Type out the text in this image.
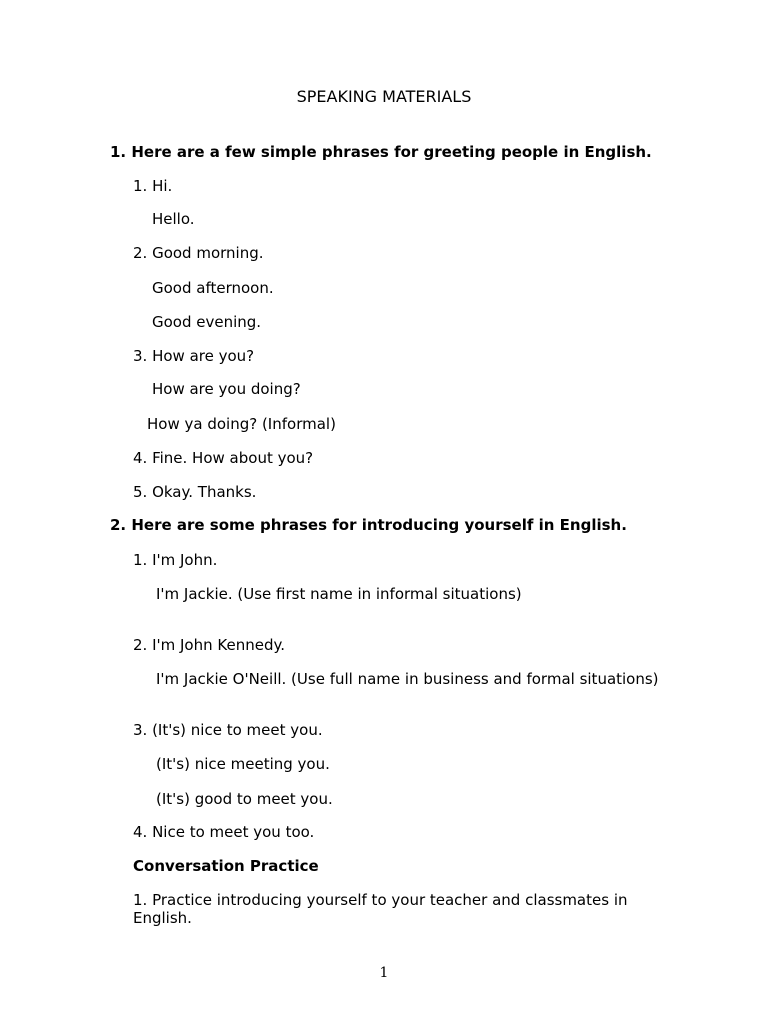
SPEAKING MATERIALS
1. Here are a few simple phrases for greeting people in English.
1. Hi.
Hello.
2. Good morning.
Good afternoon.
Good evening.
3. How are you?
How are you doing?
How ya doing? (Informal)
4. Fine. How about you?
5. Okay. Thanks.
2. Here are some phrases for introducing yourself in English.
1. I'm John.
I'm Jackie. (Use first name in informal situations)
2. I'm John Kennedy.
I'm Jackie O'Neill. (Use full name in business and formal situations)
3. (It's) nice to meet you.
(It's) nice meeting you.
(It's) good to meet you.
4. Nice to meet you too.
Conversation Practice
1. Practice introducing yourself to your teacher and classmates in English.
1
